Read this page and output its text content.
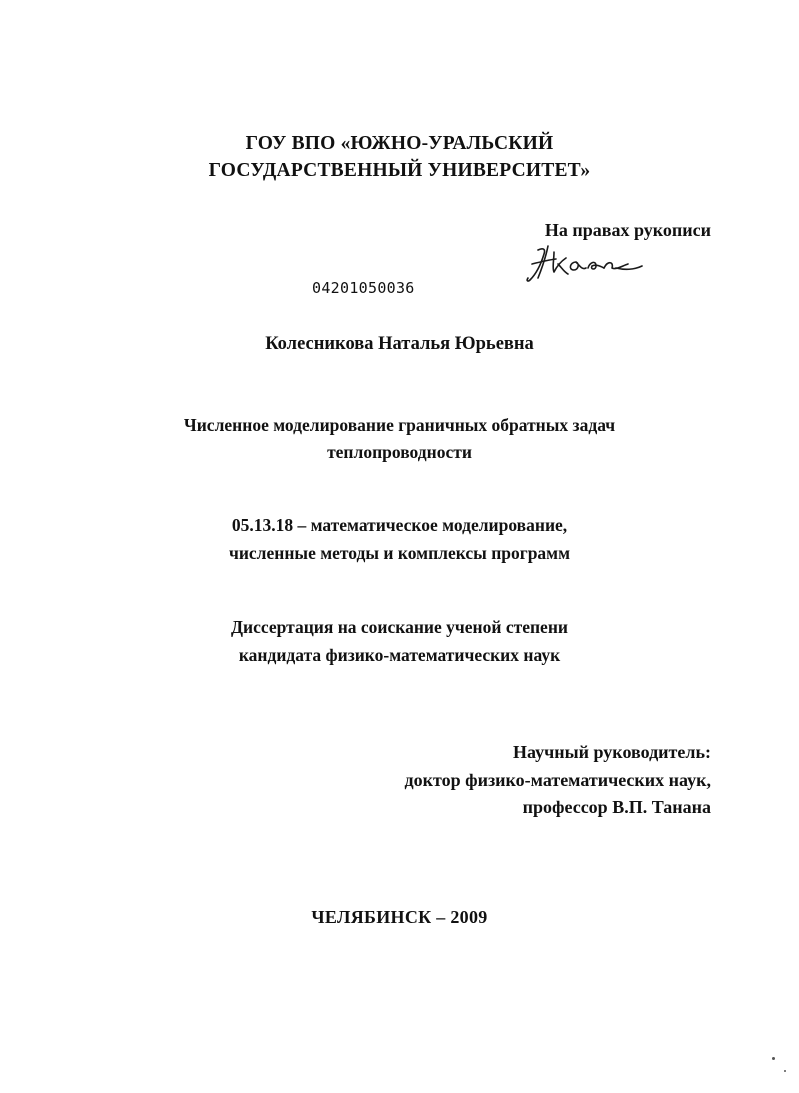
ГОУ ВПО «ЮЖНО-УРАЛЬСКИЙ
ГОСУДАРСТВЕННЫЙ УНИВЕРСИТЕТ»
На правах рукописи
04201050036
Колесникова Наталья Юрьевна
Численное моделирование граничных обратных задач
теплопроводности
05.13.18 – математическое моделирование,
численные методы и комплексы программ
Диссертация на соискание ученой степени
кандидата физико-математических наук
Научный руководитель:
доктор физико-математических наук,
профессор В.П. Танана
ЧЕЛЯБИНСК – 2009
